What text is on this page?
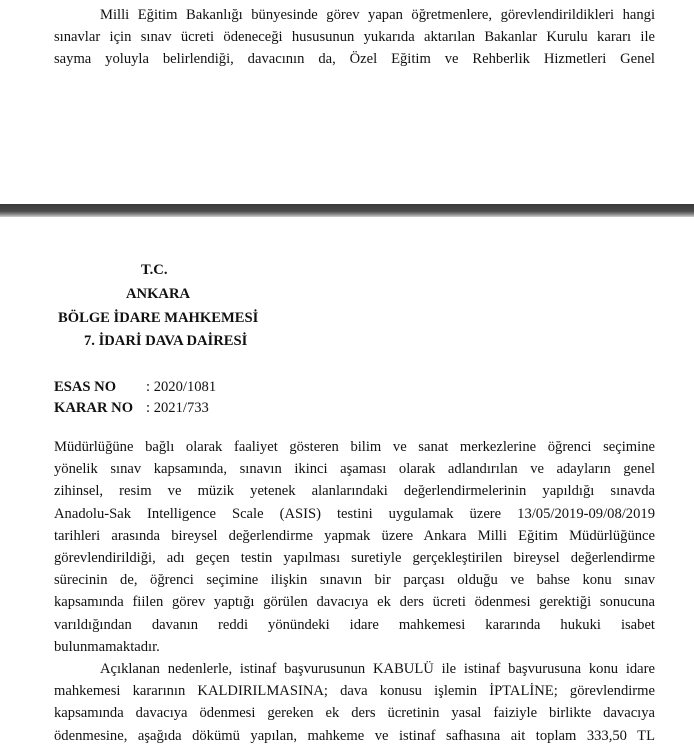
Milli Eğitim Bakanlığı bünyesinde görev yapan öğretmenlere, görevlendirildikleri hangi
sınavlar için sınav ücreti ödeneceği hususunun yukarıda aktarılan Bakanlar Kurulu kararı ile
sayma yoluyla belirlendiği, davacının da, Özel Eğitim ve Rehberlik Hizmetleri Genel
T.C.
ANKARA
BÖLGE İDARE MAHKEMESİ
7. İDARİ DAVA DAİRESİ
ESAS NO : 2020/1081
KARAR NO : 2021/733
Müdürlüğüne bağlı olarak faaliyet gösteren bilim ve sanat merkezlerine öğrenci seçimine
yönelik sınav kapsamında, sınavın ikinci aşaması olarak adlandırılan ve adayların genel
zihinsel, resim ve müzik yetenek alanlarındaki değerlendirmelerinin yapıldığı sınavda
Anadolu-Sak Intelligence Scale (ASIS) testini uygulamak üzere 13/05/2019-09/08/2019
tarihleri arasında bireysel değerlendirme yapmak üzere Ankara Milli Eğitim Müdürlüğünce
görevlendirildiği, adı geçen testin yapılması suretiyle gerçekleştirilen bireysel değerlendirme
sürecinin de, öğrenci seçimine ilişkin sınavın bir parçası olduğu ve bahse konu sınav
kapsamında fiilen görev yaptığı görülen davacıya ek ders ücreti ödenmesi gerektiği sonucuna
varıldığından davanın reddi yönündeki idare mahkemesi kararında hukuki isabet
bulunmamaktadır.
Açıklanan nedenlerle, istinaf başvurusunun KABULÜ ile istinaf başvurusuna konu idare
mahkemesi kararının KALDIRILMASINA; dava konusu işlemin İPTALİNE; görevlendirme
kapsamında davacıya ödenmesi gereken ek ders ücretinin yasal faiziyle birlikte davacıya
ödenmesine, aşağıda dökümü yapılan, mahkeme ve istinaf safhasına ait toplam 333,50 TL
